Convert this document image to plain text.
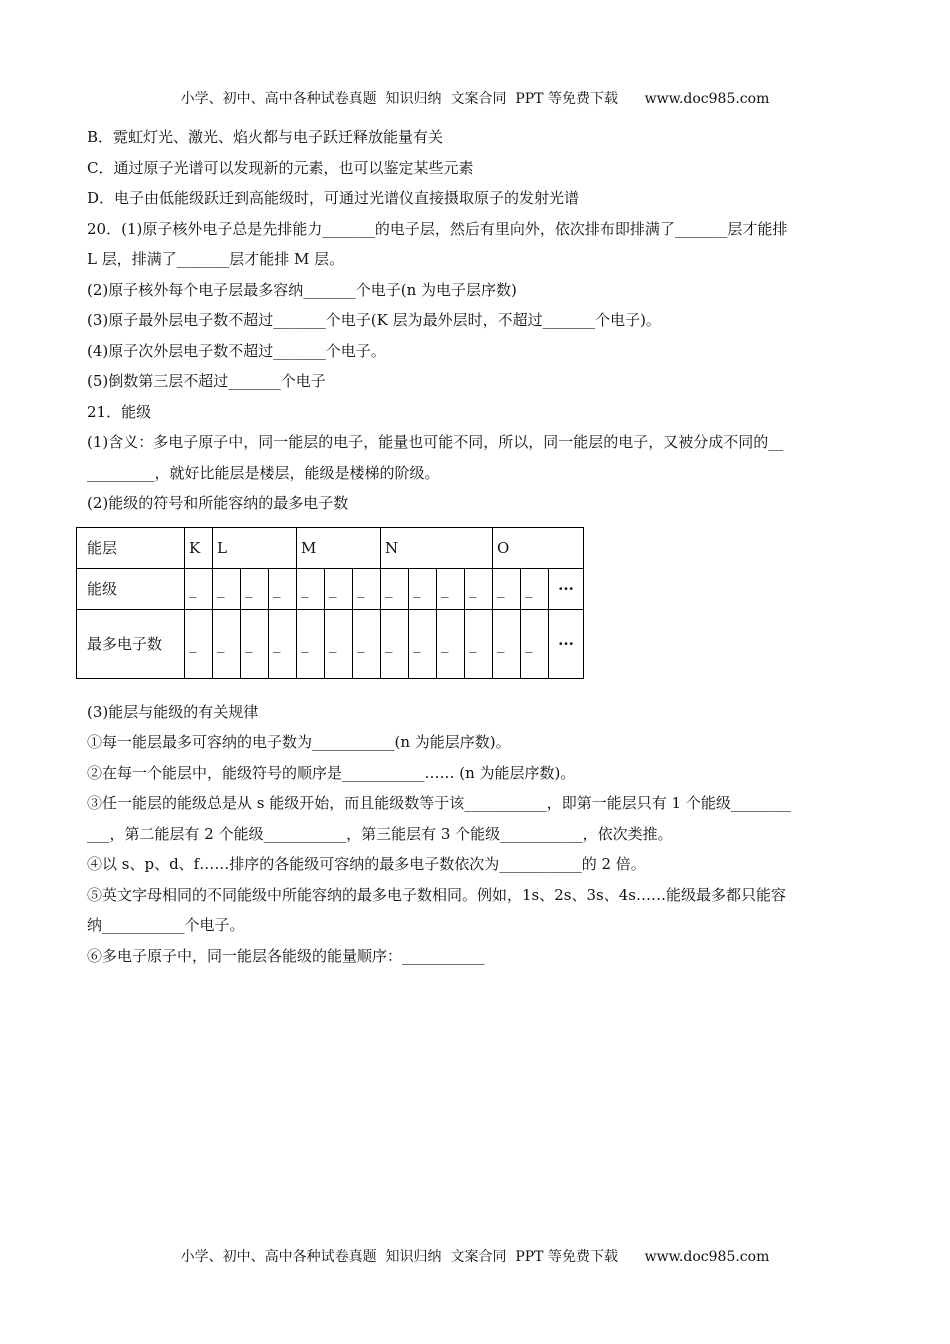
小学、初中、高中各种试卷真题  知识归纳  文案合同  PPT 等免费下载      www.doc985.com
B．霓虹灯光、激光、焰火都与电子跃迁释放能量有关
C．通过原子光谱可以发现新的元素，也可以鉴定某些元素
D．电子由低能级跃迁到高能级时，可通过光谱仪直接摄取原子的发射光谱
20．(1)原子核外电子总是先排能力_______的电子层，然后有里向外，依次排布即排满了_______层才能排
L 层，排满了_______层才能排 M 层。
(2)原子核外每个电子层最多容纳_______个电子(n 为电子层序数)
(3)原子最外层电子数不超过_______个电子(K 层为最外层时，不超过_______个电子)。
(4)原子次外层电子数不超过_______个电子。
(5)倒数第三层不超过_______个电子
21．能级
(1)含义：多电子原子中，同一能层的电子，能量也可能不同，所以，同一能层的电子，又被分成不同的__
_________，就好比能层是楼层，能级是楼梯的阶级。
(2)能级的符号和所能容纳的最多电子数
能层	K	L			M			N				O		
能级	_	_	_	_	_	_	_	_	_	_	_	_	_	···
最多电子数	_	_	_	_	_	_	_	_	_	_	_	_	_	···
(3)能层与能级的有关规律
①每一能层最多可容纳的电子数为___________(n 为能层序数)。
②在每一个能层中，能级符号的顺序是___________…… (n 为能层序数)。
③任一能层的能级总是从 s 能级开始，而且能级数等于该___________，即第一能层只有 1 个能级________
___，第二能层有 2 个能级___________，第三能层有 3 个能级___________，依次类推。
④以 s、p、d、f……排序的各能级可容纳的最多电子数依次为___________的 2 倍。
⑤英文字母相同的不同能级中所能容纳的最多电子数相同。例如，1s、2s、3s、4s……能级最多都只能容
纳___________个电子。
⑥多电子原子中，同一能层各能级的能量顺序：___________
小学、初中、高中各种试卷真题  知识归纳  文案合同  PPT 等免费下载      www.doc985.com
